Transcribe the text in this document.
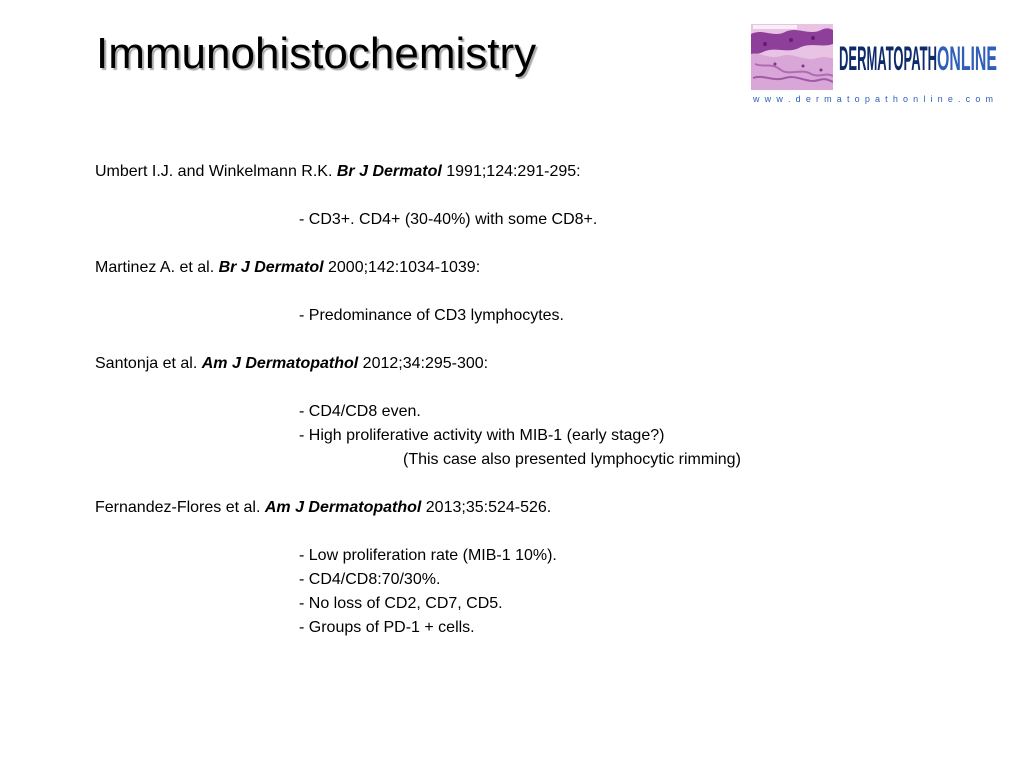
Immunohistochemistry	DERMATOPATH ONLINE
w w w . d e r m a t o p a t h o n l i n e . c o m
Umbert I.J. and Winkelmann R.K. Br J Dermatol 1991;124:291-295:
- CD3+. CD4+ (30-40%) with some CD8+.
Martinez A. et al. Br J Dermatol 2000;142:1034-1039:
- Predominance of CD3 lymphocytes.
Santonja et al. Am J Dermatopathol 2012;34:295-300:
- CD4/CD8 even.
- High proliferative activity with MIB-1 (early stage?)
(This case also presented lymphocytic rimming)
Fernandez-Flores et al. Am J Dermatopathol 2013;35:524-526.
- Low proliferation rate (MIB-1 10%).
- CD4/CD8:70/30%.
- No loss of CD2, CD7, CD5.
- Groups of PD-1 + cells.
